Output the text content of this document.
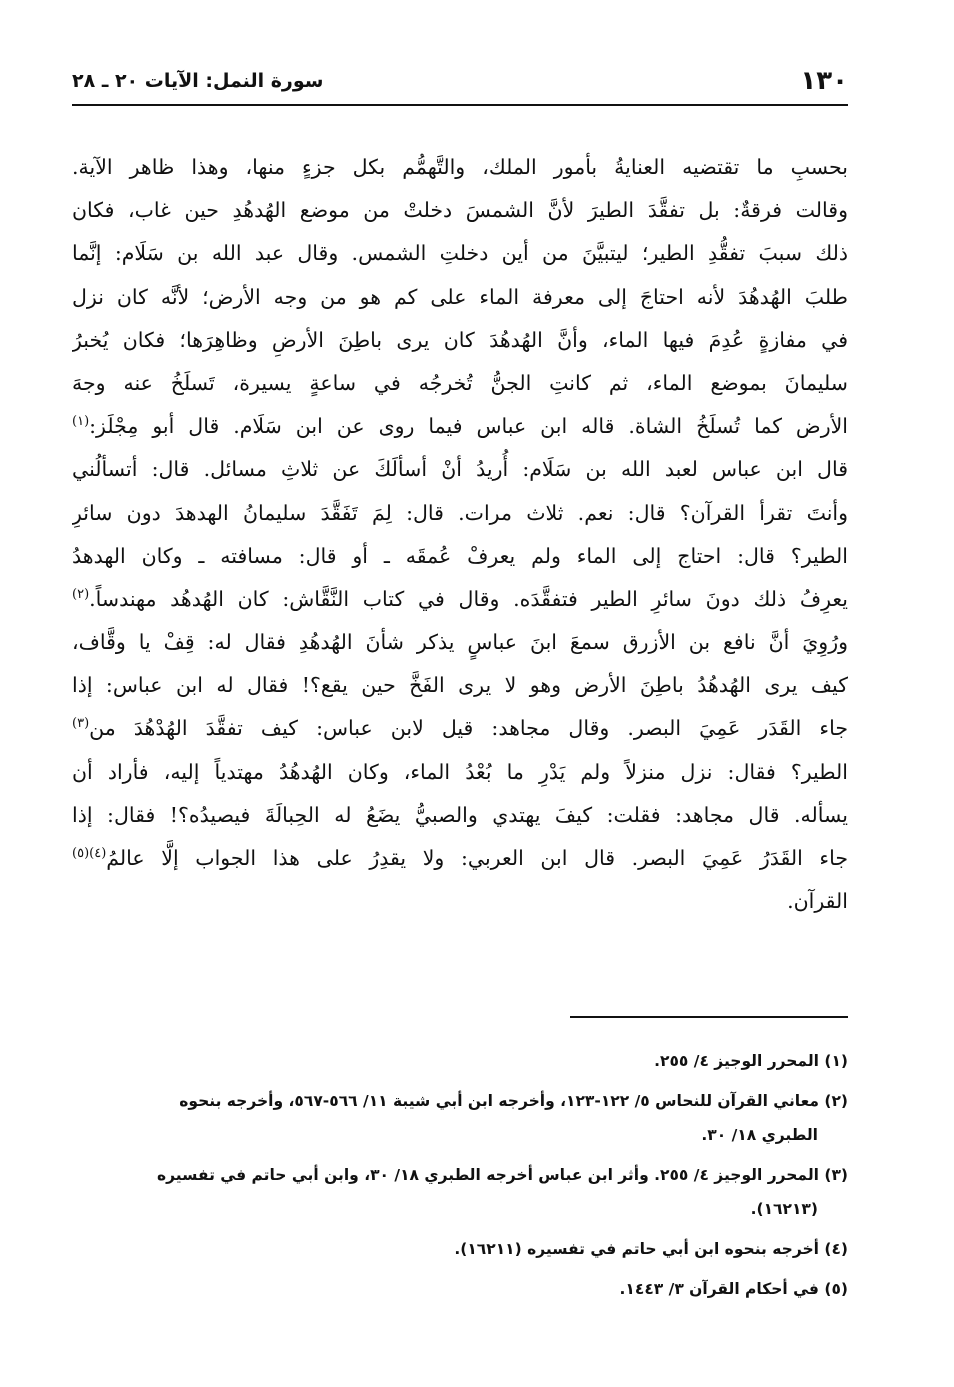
١٣٠
سورة النمل: الآيات ٢٠ ـ ٢٨
بحسبِ ما تقتضيه العنايةُ بأمور الملك، والتَّهمُّم بكل جزءٍ منها، وهذا ظاهر الآية.
وقالت فرقةٌ: بل تفقَّدَ الطيرَ لأنَّ الشمسَ دخلتْ من موضع الهُدهُدِ حين غاب، فكان
ذلك سببَ تفقُّدِ الطير؛ ليتبيَّنَ من أين دخلتِ الشمس. وقال عبد الله بن سَلَام: إنَّما
طلبَ الهُدهُدَ لأنه احتاجَ إلى معرفة الماء على كم هو من وجه الأرض؛ لأنَّه كان نزل
في مفازةٍ عُدِمَ فيها الماء، وأنَّ الهُدهُدَ كان يرى باطِنَ الأرضِ وظاهِرَها؛ فكان يُخبرُ
سليمانَ بموضع الماء، ثم كانتِ الجنُّ تُخرجُه في ساعةٍ يسيرة، تَسلَخُ عنه وجهَ
الأرض كما تُسلَخُ الشاة. قاله ابن عباس فيما روى عن ابن سَلَام. قال أبو مِجْلَز:$^{(١)}$
قال ابن عباس لعبد الله بن سَلَام: أُريدُ أنْ أسألَكَ عن ثلاثِ مسائل. قال: أتسألُني
وأنتَ تقرأ القرآن؟ قال: نعم. ثلاث مرات. قال: لِمَ تَفَقَّدَ سليمانُ الهدهدَ دون سائرِ
الطير؟ قال: احتاج إلى الماء ولم يعرفْ عُمقَه ـ أو قال: مسافته ـ وكان الهدهدُ
يعرِفُ ذلك دونَ سائرِ الطير فتفقَّدَه. وقال في كتاب النَّقَّاش: كان الهُدهُد مهندساً.$^{(٢)}$
ورُوِيَ أنَّ نافع بن الأزرق سمعَ ابنَ عباسٍ يذكر شأنَ الهُدهُدِ فقال له: قِفْ يا وقَّاف،
كيف يرى الهُدهُدُ باطِنَ الأرض وهو لا يرى الفَخَّ حين يقع؟! فقال له ابن عباس: إذا
جاء القَدَر عَمِيَ البصر. وقال مجاهد: قيل لابن عباس: كيف تفقَّدَ الهُدْهُدَ من$^{(٣)}$
الطير؟ فقال: نزل منزلاً ولم يَدْرِ ما بُعْدُ الماء، وكان الهُدهُدُ مهتدياً إليه، فأراد أن
يسأله. قال مجاهد: فقلت: كيفَ يهتدي والصبيُّ يضَعُ له الحِبالَةَ فيصيدُه؟! فقال: إذا
جاء القَدَرُ عَمِيَ البصر. قال ابن العربي: ولا يقدِرُ على هذا الجواب إلَّا عالمُ$^{(٤)(٥)}$
القرآن.
(١) المحرر الوجيز ٤/ ٢٥٥.
(٢) معاني القرآن للنحاس ٥/ ١٢٢-١٢٣، وأخرجه ابن أبي شيبة ١١/ ٥٦٦-٥٦٧، وأخرجه بنحوه
الطبري ١٨/ ٣٠.
(٣) المحرر الوجيز ٤/ ٢٥٥. وأثر ابن عباس أخرجه الطبري ١٨/ ٣٠، وابن أبي حاتم في تفسيره
(١٦٢١٣).
(٤) أخرجه بنحوه ابن أبي حاتم في تفسيره (١٦٢١١).
(٥) في أحكام القرآن ٣/ ١٤٤٣.
